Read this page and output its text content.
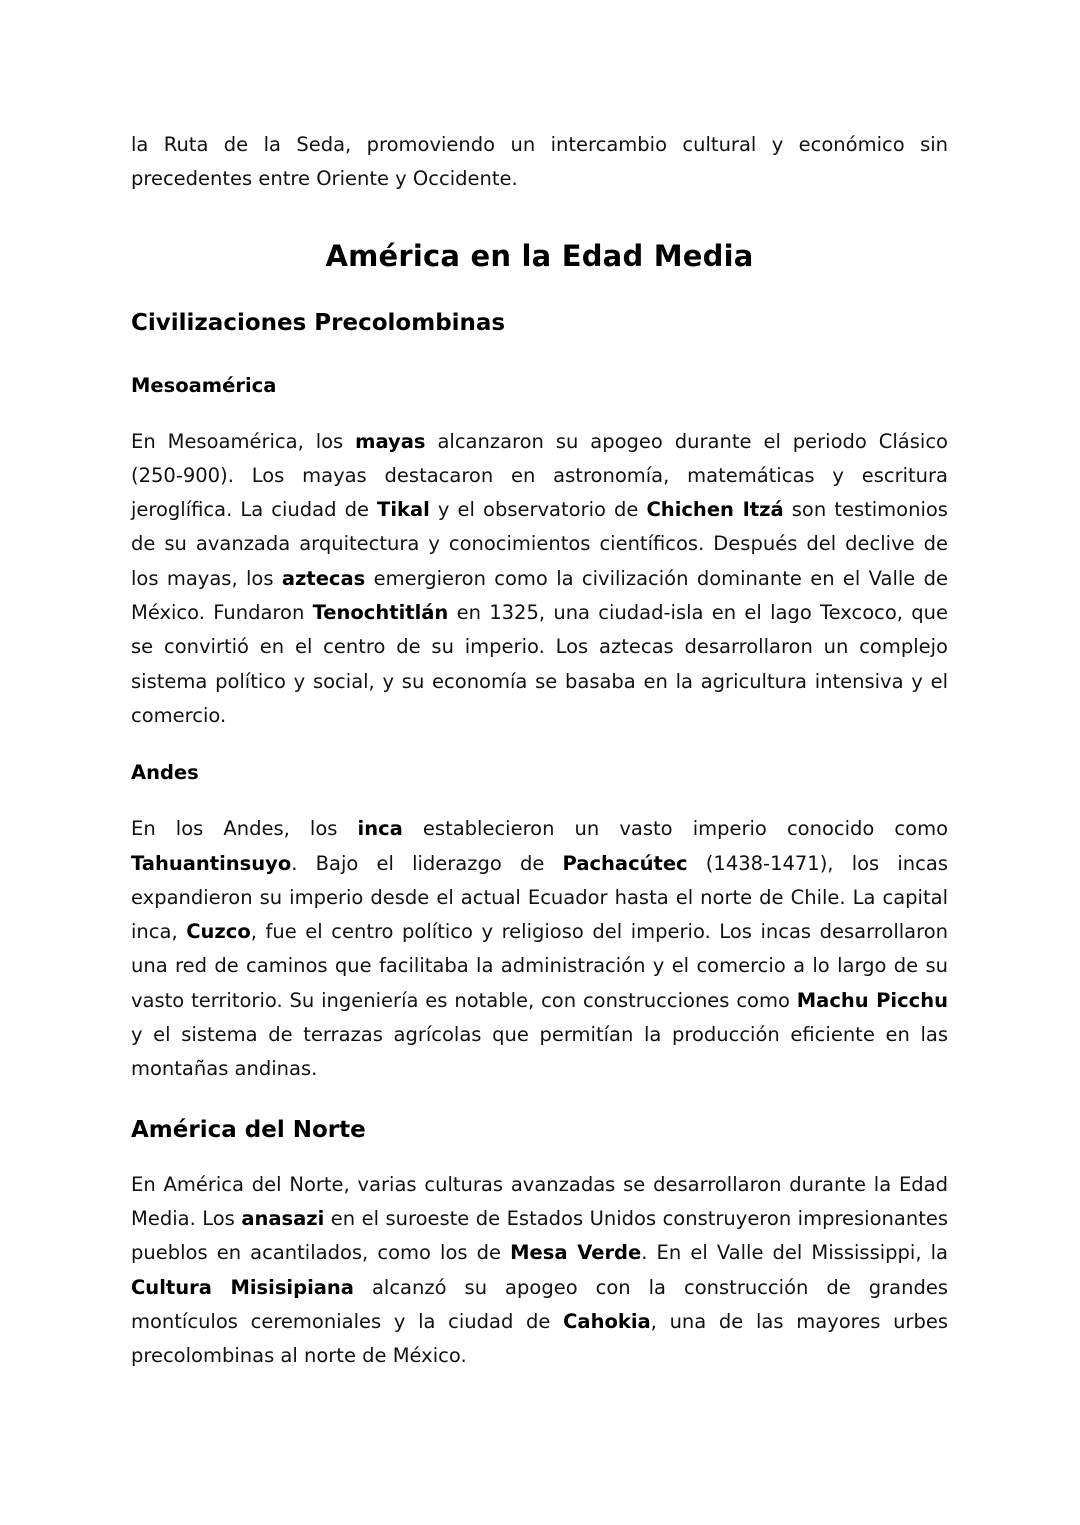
la Ruta de la Seda, promoviendo un intercambio cultural y económico sin precedentes entre Oriente y Occidente.

América en la Edad Media
Civilizaciones Precolombinas
Mesoamérica

En Mesoamérica, los mayas alcanzaron su apogeo durante el periodo Clásico (250-900). Los mayas destacaron en astronomía, matemáticas y escritura jeroglífica. La ciudad de Tikal y el observatorio de Chichen Itzá son testimonios de su avanzada arquitectura y conocimientos científicos. Después del declive de los mayas, los aztecas emergieron como la civilización dominante en el Valle de México. Fundaron Tenochtitlán en 1325, una ciudad-isla en el lago Texcoco, que se convirtió en el centro de su imperio. Los aztecas desarrollaron un complejo sistema político y social, y su economía se basaba en la agricultura intensiva y el comercio.

Andes

En los Andes, los inca establecieron un vasto imperio conocido como Tahuantinsuyo. Bajo el liderazgo de Pachacútec (1438-1471), los incas expandieron su imperio desde el actual Ecuador hasta el norte de Chile. La capital inca, Cuzco, fue el centro político y religioso del imperio. Los incas desarrollaron una red de caminos que facilitaba la administración y el comercio a lo largo de su vasto territorio. Su ingeniería es notable, con construcciones como Machu Picchu y el sistema de terrazas agrícolas que permitían la producción eficiente en las montañas andinas.

América del Norte

En América del Norte, varias culturas avanzadas se desarrollaron durante la Edad Media. Los anasazi en el suroeste de Estados Unidos construyeron impresionantes pueblos en acantilados, como los de Mesa Verde. En el Valle del Mississippi, la Cultura Misisipiana alcanzó su apogeo con la construcción de grandes montículos ceremoniales y la ciudad de Cahokia, una de las mayores urbes precolombinas al norte de México.
